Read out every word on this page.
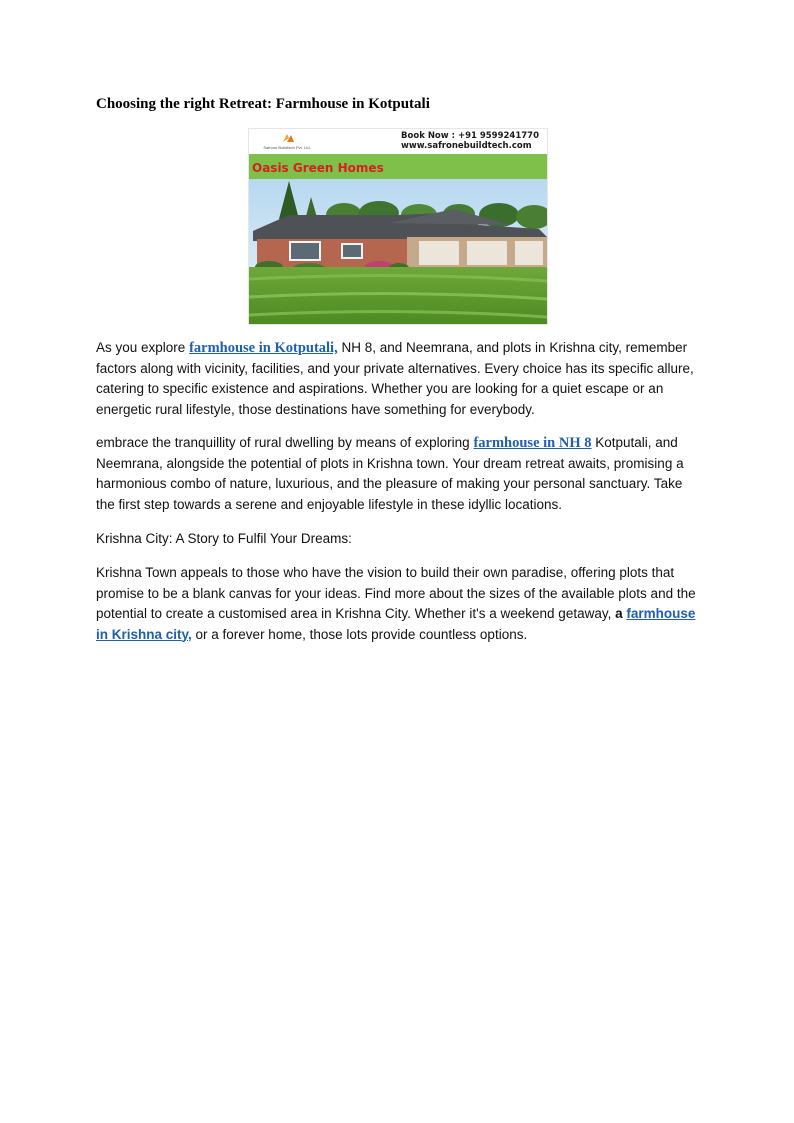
Choosing the right Retreat: Farmhouse in Kotputali
Safrone Buildtech Pvt. Ltd.
Book Now : +91 9599241770
www.safronebuildtech.com
Oasis Green Homes
As you explore farmhouse in Kotputali, NH 8, and Neemrana, and plots in Krishna city, remember factors along with vicinity, facilities, and your private alternatives. Every choice has its specific allure, catering to specific existence and aspirations. Whether you are looking for a quiet escape or an energetic rural lifestyle, those destinations have something for everybody.
embrace the tranquillity of rural dwelling by means of exploring farmhouse in NH 8 Kotputali, and Neemrana, alongside the potential of plots in Krishna town. Your dream retreat awaits, promising a harmonious combo of nature, luxurious, and the pleasure of making your personal sanctuary. Take the first step towards a serene and enjoyable lifestyle in these idyllic locations.
Krishna City: A Story to Fulfil Your Dreams:
Krishna Town appeals to those who have the vision to build their own paradise, offering plots that promise to be a blank canvas for your ideas. Find more about the sizes of the available plots and the potential to create a customised area in Krishna City. Whether it's a weekend getaway, a farmhouse in Krishna city, or a forever home, those lots provide countless options.
